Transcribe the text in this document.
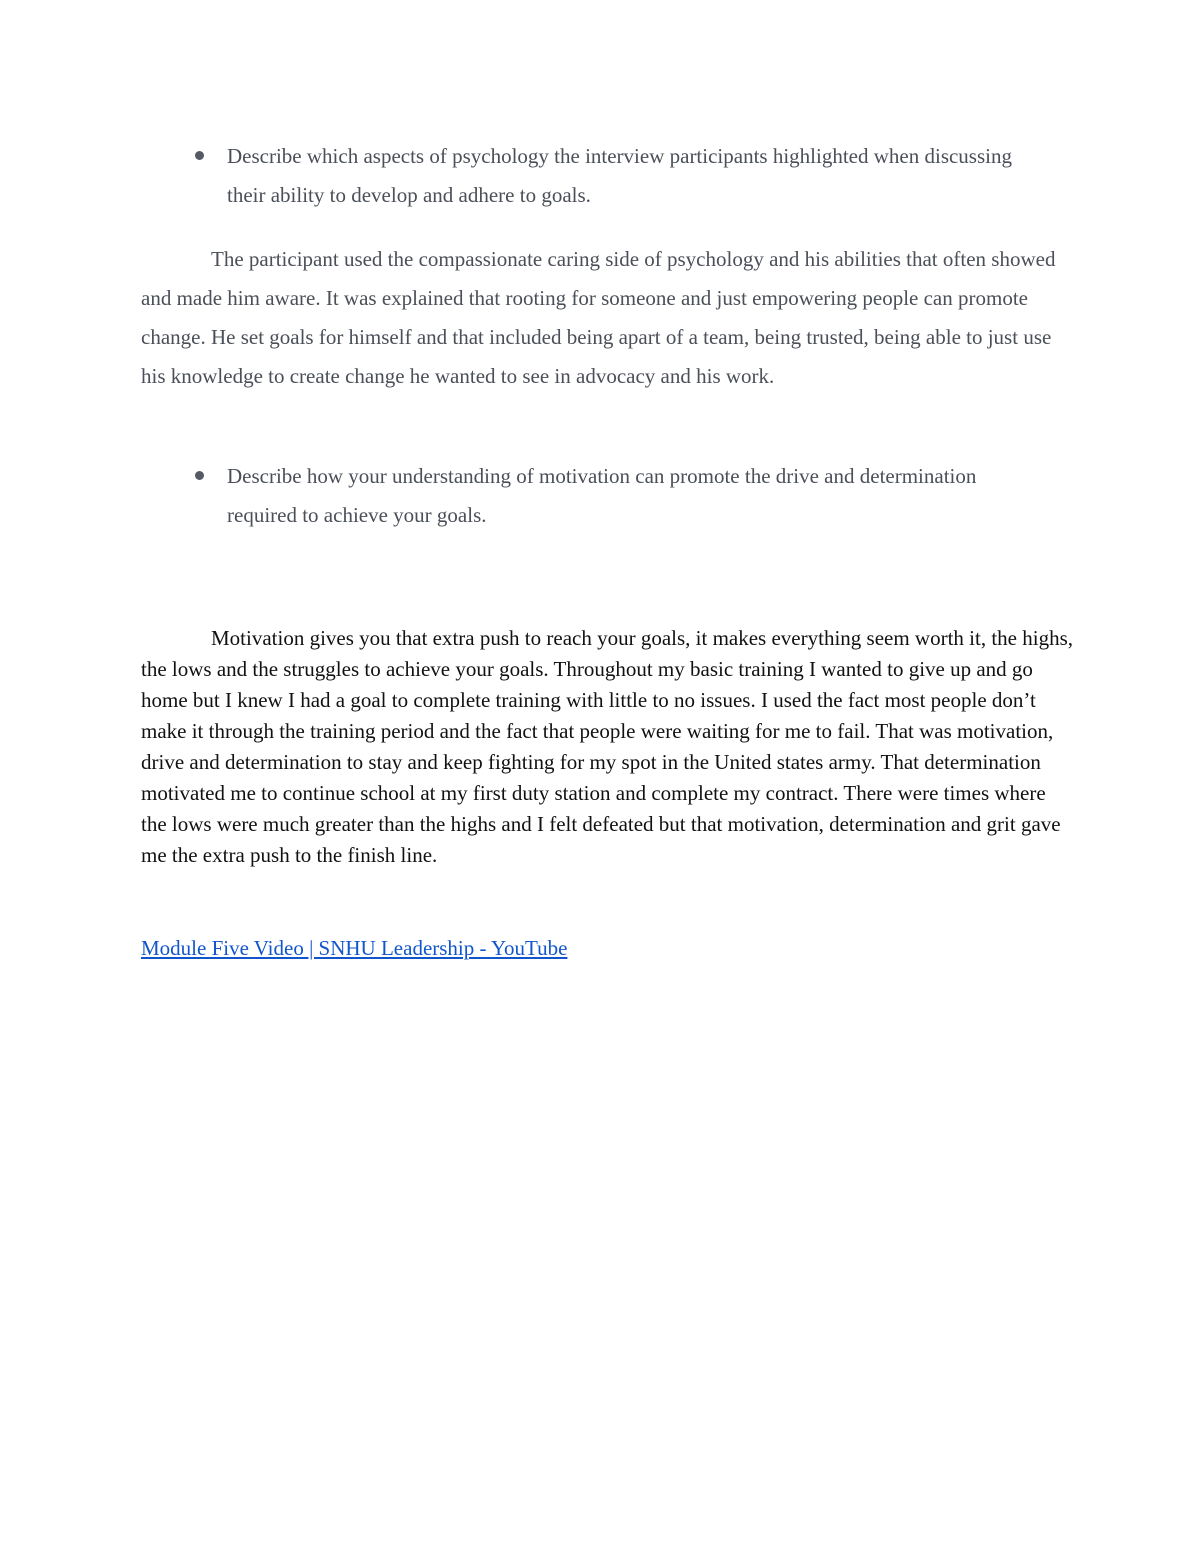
Describe which aspects of psychology the interview participants highlighted when discussing their ability to develop and adhere to goals.

The participant used the compassionate caring side of psychology and his abilities that often showed and made him aware. It was explained that rooting for someone and just empowering people can promote change. He set goals for himself and that included being apart of a team, being trusted, being able to just use his knowledge to create change he wanted to see in advocacy and his work.

Describe how your understanding of motivation can promote the drive and determination required to achieve your goals.

Motivation gives you that extra push to reach your goals, it makes everything seem worth it, the highs, the lows and the struggles to achieve your goals. Throughout my basic training I wanted to give up and go home but I knew I had a goal to complete training with little to no issues. I used the fact most people don’t make it through the training period and the fact that people were waiting for me to fail. That was motivation, drive and determination to stay and keep fighting for my spot in the United states army. That determination motivated me to continue school at my first duty station and complete my contract. There were times where the lows were much greater than the highs and I felt defeated but that motivation, determination and grit gave me the extra push to the finish line.

Module Five Video | SNHU Leadership - YouTube
